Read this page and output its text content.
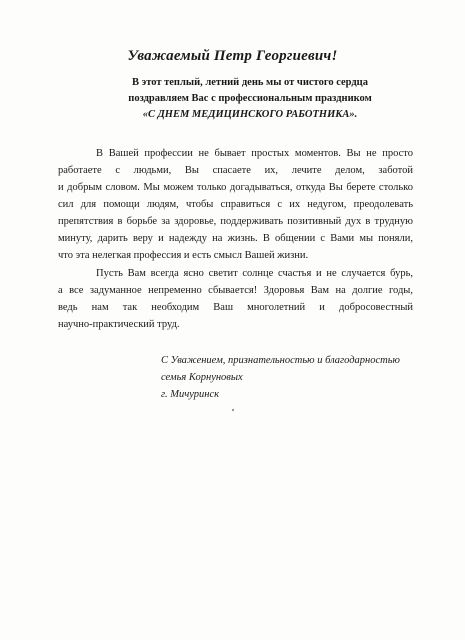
Уважаемый Петр Георгиевич!
В этот теплый, летний день мы от чистого сердца
поздравляем Вас с профессиональным праздником
«С ДНЕМ МЕДИЦИНСКОГО РАБОТНИКА».
В Вашей профессии не бывает простых моментов. Вы не просто
работаете с людьми, Вы спасаете их, лечите делом, заботой
и добрым словом. Мы можем только догадываться, откуда Вы берете столько
сил для помощи людям, чтобы справиться с их недугом, преодолевать
препятствия в борьбе за здоровье, поддерживать позитивный дух в трудную
минуту, дарить веру и надежду на жизнь. В общении с Вами мы поняли,
что эта нелегкая профессия и есть смысл Вашей жизни.
Пусть Вам всегда ясно светит солнце счастья и не случается бурь,
а все задуманное непременно сбывается! Здоровья Вам на долгие годы,
ведь нам так необходим Ваш многолетний и добросовестный
научно-практический труд.
С Уважением, признательностью и благодарностью
семья Корнуновых
г. Мичуринск
